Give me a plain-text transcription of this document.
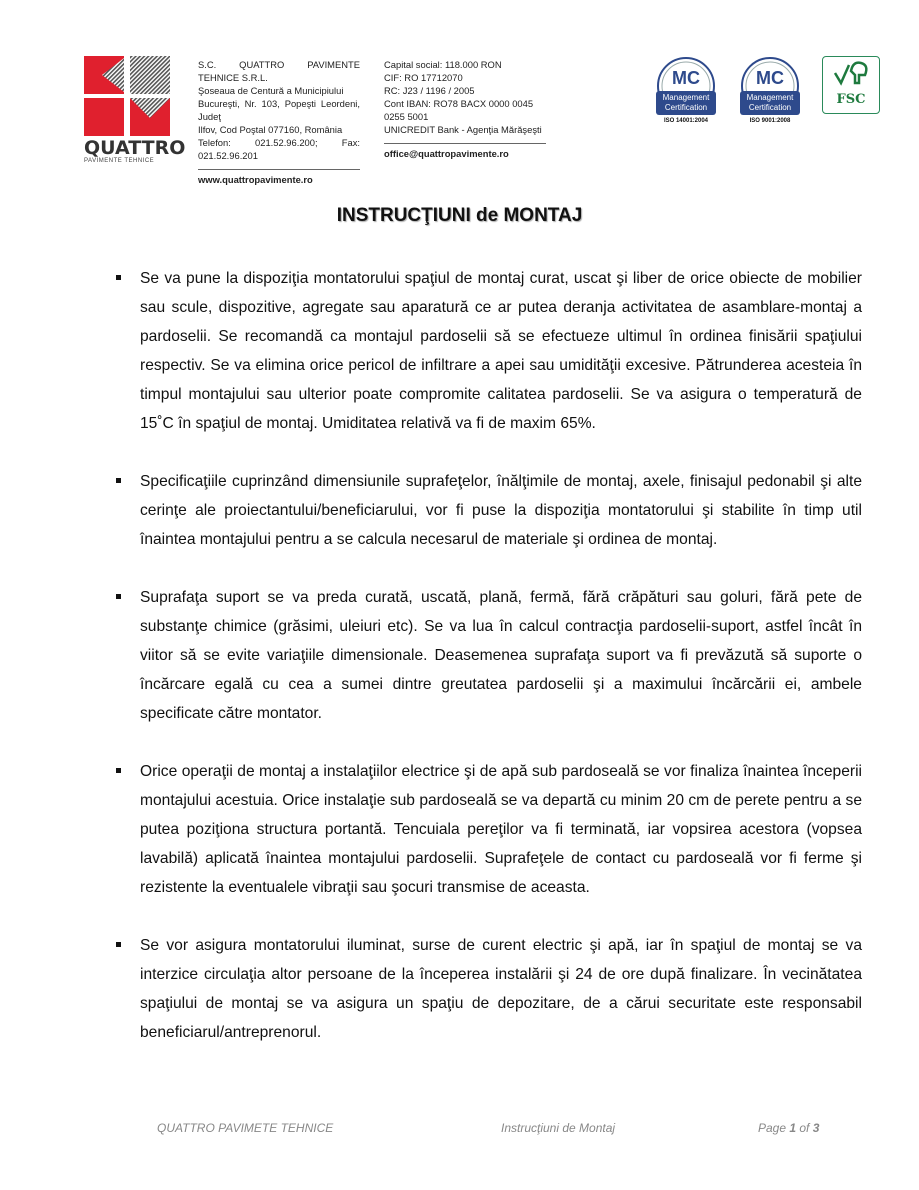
QUATTRO
PAVIMENTE TEHNICE
S.C. QUATTRO PAVIMENTE TEHNICE S.R.L.
Şoseaua de Centură a Municipiului
Bucureşti, Nr. 103, Popeşti Leordeni, Judeţ
Ilfov, Cod Poştal 077160, România
Telefon: 021.52.96.200; Fax: 021.52.96.201
www.quattropavimente.ro
Capital social: 118.000 RON
CIF: RO 17712070
RC: J23 / 1196 / 2005
Cont IBAN: RO78 BACX 0000 0045 0255 5001
UNICREDIT Bank - Agenţia Mărăşeşti
office@quattropavimente.ro
MC
Management Certification
ISO 14001:2004
MC
Management Certification
ISO 9001:2008
FSC
INSTRUCŢIUNI de MONTAJ
Se va pune la dispoziţia montatorului spaţiul de montaj curat, uscat şi liber de orice obiecte de mobilier sau scule, dispozitive, agregate sau aparatură ce ar putea deranja activitatea de asamblare-montaj a pardoselii. Se recomandă ca montajul pardoselii să se efectueze ultimul în ordinea finisării spaţiului respectiv. Se va elimina orice pericol de infiltrare a apei sau umidităţii excesive. Pătrunderea acesteia în timpul montajului sau ulterior poate compromite calitatea pardoselii. Se va asigura o temperatură de 15˚C în spaţiul de montaj. Umiditatea relativă va fi de maxim 65%.
Specificaţiile cuprinzând dimensiunile suprafeţelor, înălţimile de montaj, axele, finisajul pedonabil şi alte cerinţe ale proiectantului/beneficiarului, vor fi puse la dispoziţia montatorului şi stabilite în timp util înaintea montajului pentru a se calcula necesarul de materiale şi ordinea de montaj.
Suprafaţa suport se va preda curată, uscată, plană, fermă, fără crăpături sau goluri, fără pete de substanţe chimice (grăsimi, uleiuri etc). Se va lua în calcul contracţia pardoselii-suport, astfel încât în viitor să se evite variaţiile dimensionale. Deasemenea suprafaţa suport va fi prevăzută să suporte o încărcare egală cu cea a sumei dintre greutatea pardoselii şi a maximului încărcării ei, ambele specificate către montator.
Orice operaţii de montaj a instalaţiilor electrice şi de apă sub pardoseală se vor finaliza înaintea începerii montajului acestuia. Orice instalaţie sub pardoseală se va departă cu minim 20 cm de perete pentru a se putea poziţiona structura portantă. Tencuiala pereţilor va fi terminată, iar vopsirea acestora (vopsea lavabilă) aplicată înaintea montajului pardoselii. Suprafeţele de contact cu pardoseală vor fi ferme şi rezistente la eventualele vibraţii sau şocuri transmise de aceasta.
Se vor asigura montatorului iluminat, surse de curent electric şi apă, iar în spaţiul de montaj se va interzice circulaţia altor persoane de la începerea instalării şi 24 de ore după finalizare. În vecinătatea spaţiului de montaj se va asigura un spaţiu de depozitare, de a cărui securitate este responsabil beneficiarul/antreprenorul.
QUATTRO PAVIMETE TEHNICE	Instrucţiuni de Montaj	Page 1 of 3
